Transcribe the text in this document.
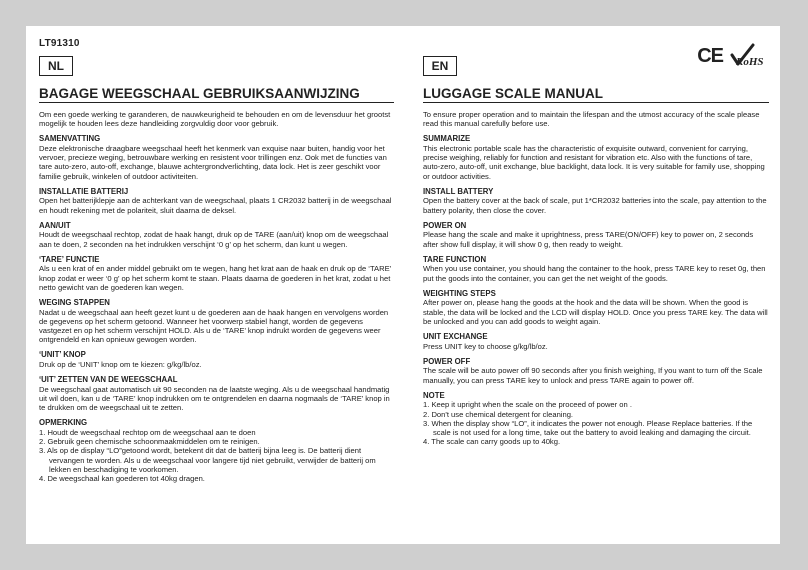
LT91310
NL
BAGAGE WEEGSCHAAL GEBRUIKSAANWIJZING

Om een goede werking te garanderen, de nauwkeurigheid te behouden en om de levensduur het grootst mogelijk te houden lees deze handleiding zorgvuldig door voor gebruik.

SAMENVATTING

Deze elektronische draagbare weegschaal heeft het kenmerk van exquise naar buiten, handig voor het vervoer, precieze weging, betrouwbare werking en resistent voor trillingen enz. Ook met de functies van tare auto-zero, auto-off, exchange, blauwe achtergrondverlichting, data lock. Het is zeer geschikt voor familie gebruik, winkelen of outdoor activiteiten.

INSTALLATIE BATTERIJ

Open het batterijklepje aan de achterkant van de weegschaal, plaats 1 CR2032 batterij in de weegschaal en houdt rekening met de polariteit, sluit daarna de deksel.

AAN/UIT

Houdt de weegschaal rechtop, zodat de haak hangt, druk op de TARE (aan/uit) knop om de weegschaal aan te doen, 2 seconden na het indrukken verschijnt ‘0 g’ op het scherm, dan kunt u wegen.

‘TARE’ FUNCTIE

Als u een krat of en ander middel gebruikt om te wegen, hang het krat aan de haak en druk op de ‘TARE’ knop zodat er weer ‘0 g’ op het scherm komt te staan. Plaats daarna de goederen in het krat, zodat u het netto gewicht van de goederen kan wegen.

WEGING STAPPEN

Nadat u de weegschaal aan heeft gezet kunt u de goederen aan de haak hangen en vervolgens worden de gegevens op het scherm getoond. Wanneer het voorwerp stabiel hangt, worden de gegevens vastgezet en op het scherm verschijnt HOLD. Als u de ‘TARE’ knop indrukt worden de gegevens weer ontgrendeld en kan opnieuw gewogen worden.

‘UNIT’ KNOP

Druk op de ‘UNIT’ knop om te kiezen: g/kg/lb/oz.

‘UIT’ ZETTEN VAN DE WEEGSCHAAL

De weegschaal gaat automatisch uit 90 seconden na de laatste weging. Als u de weegschaal handmatig uit wil doen, kan u de ‘TARE’ knop indrukken om te ontgrendelen en daarna nogmaals de ‘TARE’ knop in te drukken om de weegschaal uit te zetten.

OPMERKING
1. Houdt de weegschaal rechtop om de weegschaal aan te doen
2. Gebruik geen chemische schoonmaakmiddelen om te reinigen.
3. Als op de display “LO”getoond wordt, betekent dit dat de batterij bijna leeg is. De batterij dient vervangen te worden. Als u de weegschaal voor langere tijd niet gebruikt, verwijder de batterij om lekken en beschadiging te voorkomen.
4. De weegschaal kan goederen tot 40kg dragen.
EN	CE RoHS
LUGGAGE SCALE MANUAL

To ensure proper operation and to maintain the lifespan and the utmost accuracy of the scale please read this manual carefully before use.

SUMMARIZE

This electronic portable scale has the characteristic of exquisite outward, convenient for carrying, precise weighing, reliably for function and resistant for vibration etc. Also with the functions of tare, auto-zero, auto-off, unit exchange, blue backlight, data lock. It is very suitable for family use, shopping or outdoor activities.

INSTALL BATTERY

Open the battery cover at the back of scale, put 1*CR2032 batteries into the scale, pay attention to the battery polarity, then close the cover.

POWER ON

Please hang the scale and make it uprightness, press TARE(ON/OFF) key to power on, 2 seconds after show full display, it will show 0 g, then ready to weight.

TARE FUNCTION

When you use container, you should hang the container to the hook, press TARE key to reset 0g, then put the goods into the container, you can get the net weight of the goods.

WEIGHTING STEPS

After power on, please hang the goods at the hook and the data will be shown. When the good is stable, the data will be locked and the LCD will display HOLD. Once you press TARE key. The data will be unlocked and you can add goods to weight again.

UNIT EXCHANGE

Press UNIT key to choose g/kg/lb/oz.

POWER OFF

The scale will be auto power off 90 seconds after you finish weighing, If you want to turn off the Scale manually, you can press TARE key to unlock and press TARE again to power off.

NOTE
1. Keep it upright when the scale on the proceed of power on .
2. Don't use chemical detergent for cleaning.
3. When the display show “LO”, it indicates the power not enough. Please Replace batteries. If the scale is not used for a long time, take out the battery to avoid leaking and damaging the circuit.
4. The scale can carry goods up to 40kg.
